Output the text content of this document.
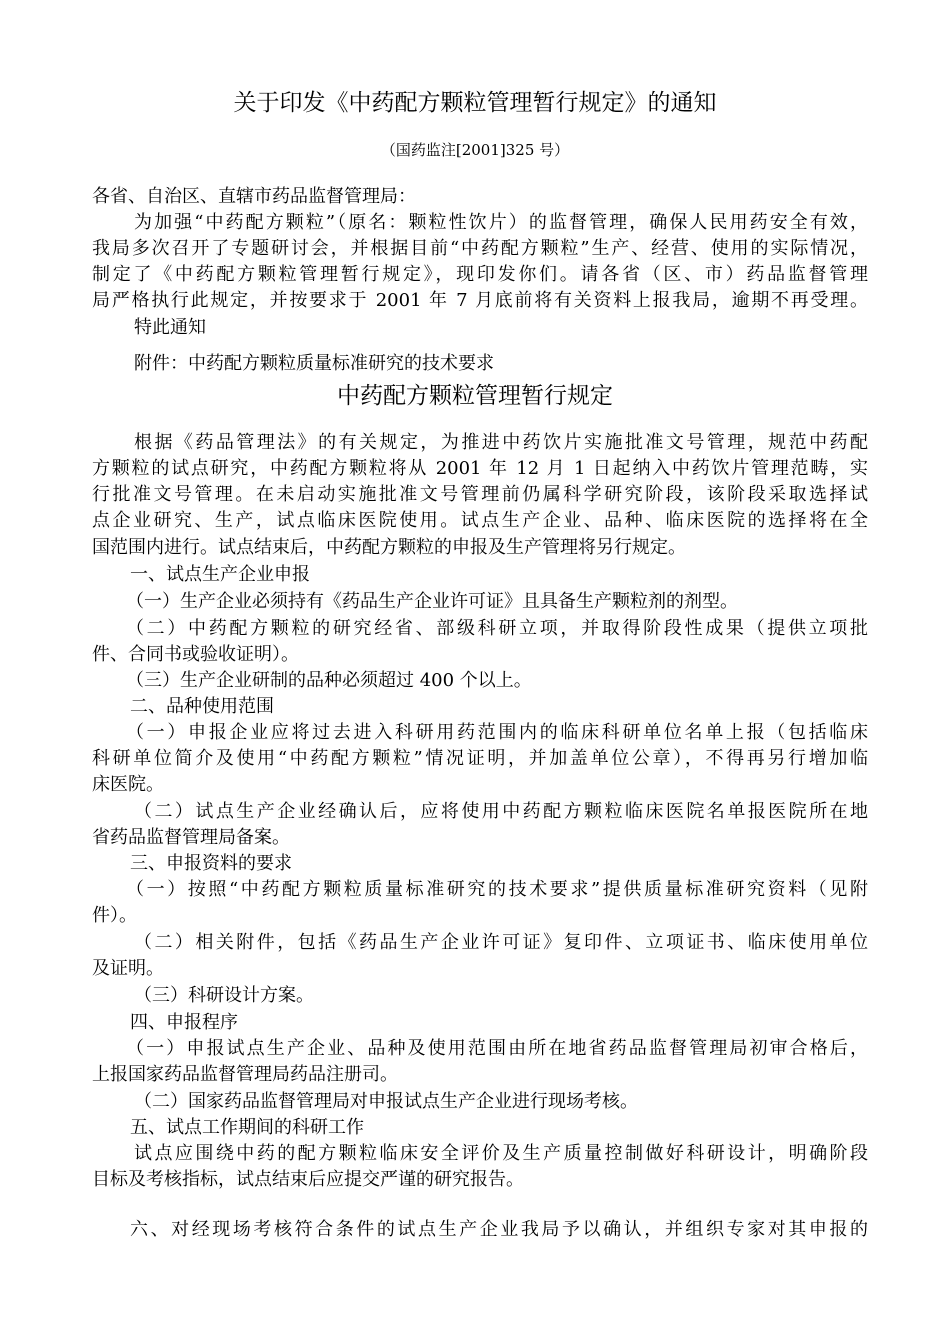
关于印发《中药配方颗粒管理暂行规定》的通知

（国药监注[2001]325 号）

各省、自治区、直辖市药品监督管理局：

为加强“中药配方颗粒”（原名：颗粒性饮片）的监督管理，确保人民用药安全有效，

我局多次召开了专题研讨会，并根据目前“中药配方颗粒”生产、经营、使用的实际情况，

制定了《中药配方颗粒管理暂行规定》，现印发你们。请各省（区、市）药品监督管理

局严格执行此规定，并按要求于 2001 年 7 月底前将有关资料上报我局，逾期不再受理。

特此通知

附件：中药配方颗粒质量标准研究的技术要求

中药配方颗粒管理暂行规定

根据《药品管理法》的有关规定，为推进中药饮片实施批准文号管理，规范中药配

方颗粒的试点研究，中药配方颗粒将从 2001 年 12 月 1 日起纳入中药饮片管理范畴，实

行批准文号管理。在未启动实施批准文号管理前仍属科学研究阶段，该阶段采取选择试

点企业研究、生产，试点临床医院使用。试点生产企业、品种、临床医院的选择将在全

国范围内进行。试点结束后，中药配方颗粒的申报及生产管理将另行规定。

一、试点生产企业申报

（一）生产企业必须持有《药品生产企业许可证》且具备生产颗粒剂的剂型。

（二）中药配方颗粒的研究经省、部级科研立项，并取得阶段性成果（提供立项批

件、合同书或验收证明）。

（三）生产企业研制的品种必须超过 400 个以上。

二、品种使用范围

（一）申报企业应将过去进入科研用药范围内的临床科研单位名单上报（包括临床

科研单位简介及使用“中药配方颗粒”情况证明，并加盖单位公章），不得再另行增加临

床医院。

（二）试点生产企业经确认后，应将使用中药配方颗粒临床医院名单报医院所在地

省药品监督管理局备案。

三、申报资料的要求

（一）按照“中药配方颗粒质量标准研究的技术要求”提供质量标准研究资料（见附

件）。

（二）相关附件，包括《药品生产企业许可证》复印件、立项证书、临床使用单位

及证明。

（三）科研设计方案。

四、申报程序

（一）申报试点生产企业、品种及使用范围由所在地省药品监督管理局初审合格后，

上报国家药品监督管理局药品注册司。

（二）国家药品监督管理局对申报试点生产企业进行现场考核。

五、试点工作期间的科研工作

试点应围绕中药的配方颗粒临床安全评价及生产质量控制做好科研设计，明确阶段

目标及考核指标，试点结束后应提交严谨的研究报告。

六、对经现场考核符合条件的试点生产企业我局予以确认，并组织专家对其申报的
